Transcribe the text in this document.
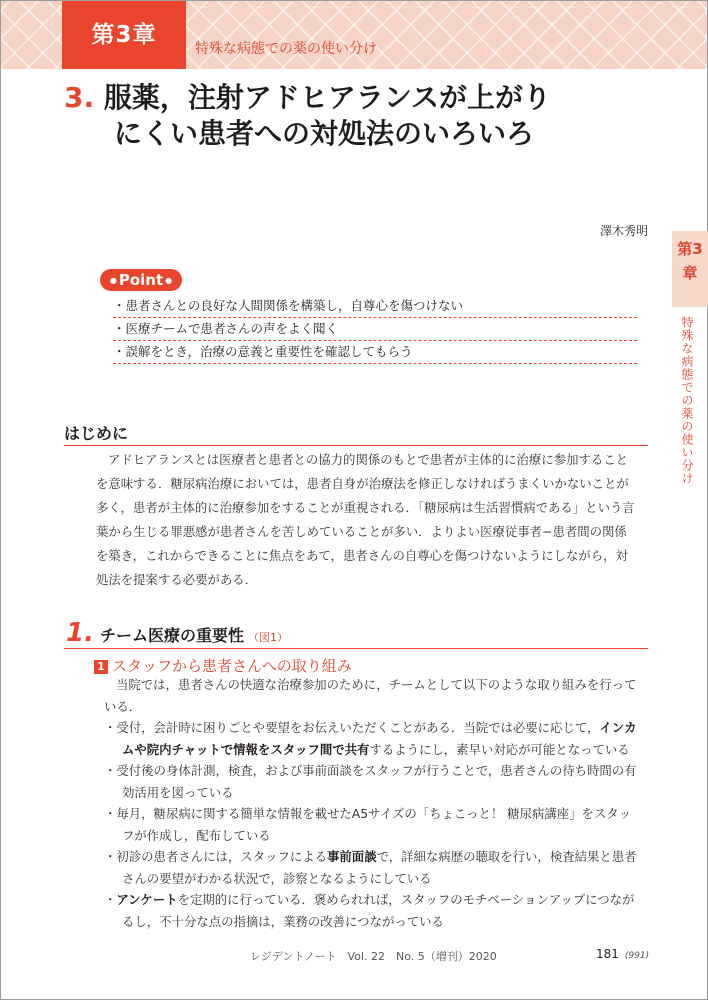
第3章
特殊な病態での薬の使い分け
3. 服薬，注射アドヒアランスが上がり
にくい患者への対処法のいろいろ
澤木秀明
第3
章
特殊な病態での薬の使い分け
● Point ●
・患者さんとの良好な人間関係を構築し，自尊心を傷つけない
・医療チームで患者さんの声をよく聞く
・誤解をとき，治療の意義と重要性を確認してもらう
はじめに

アドヒアランスとは医療者と患者との協力的関係のもとで患者が主体的に治療に参加すること
を意味する．糖尿病治療においては，患者自身が治療法を修正しなければうまくいかないことが
多く，患者が主体的に治療参加をすることが重視される．「糖尿病は生活習慣病である」という言
葉から生じる罪悪感が患者さんを苦しめていることが多い．よりよい医療従事者−患者間の関係
を築き，これからできることに焦点をあて，患者さんの自尊心を傷つけないようにしながら，対
処法を提案する必要がある．

1. チーム医療の重要性 （図1）
1 スタッフから患者さんへの取り組み

当院では，患者さんの快適な治療参加のために，チームとして以下のような取り組みを行って
いる．
・受付，会計時に困りごとや要望をお伝えいただくことがある．当院では必要に応じて，インカ
ムや院内チャットで情報をスタッフ間で共有するようにし，素早い対応が可能となっている
・受付後の身体計測，検査，および事前面談をスタッフが行うことで，患者さんの待ち時間の有
効活用を図っている
・毎月，糖尿病に関する簡単な情報を載せたA5サイズの「ちょこっと！ 糖尿病講座」をスタッ
フが作成し，配布している
・初診の患者さんには，スタッフによる事前面談で，詳細な病歴の聴取を行い，検査結果と患者
さんの要望がわかる状況で，診察となるようにしている
・アンケートを定期的に行っている．褒められれば，スタッフのモチベーションアップにつなが
るし，不十分な点の指摘は，業務の改善につながっている

レジデントノート　Vol. 22　No. 5（増刊）2020	181 (991)
